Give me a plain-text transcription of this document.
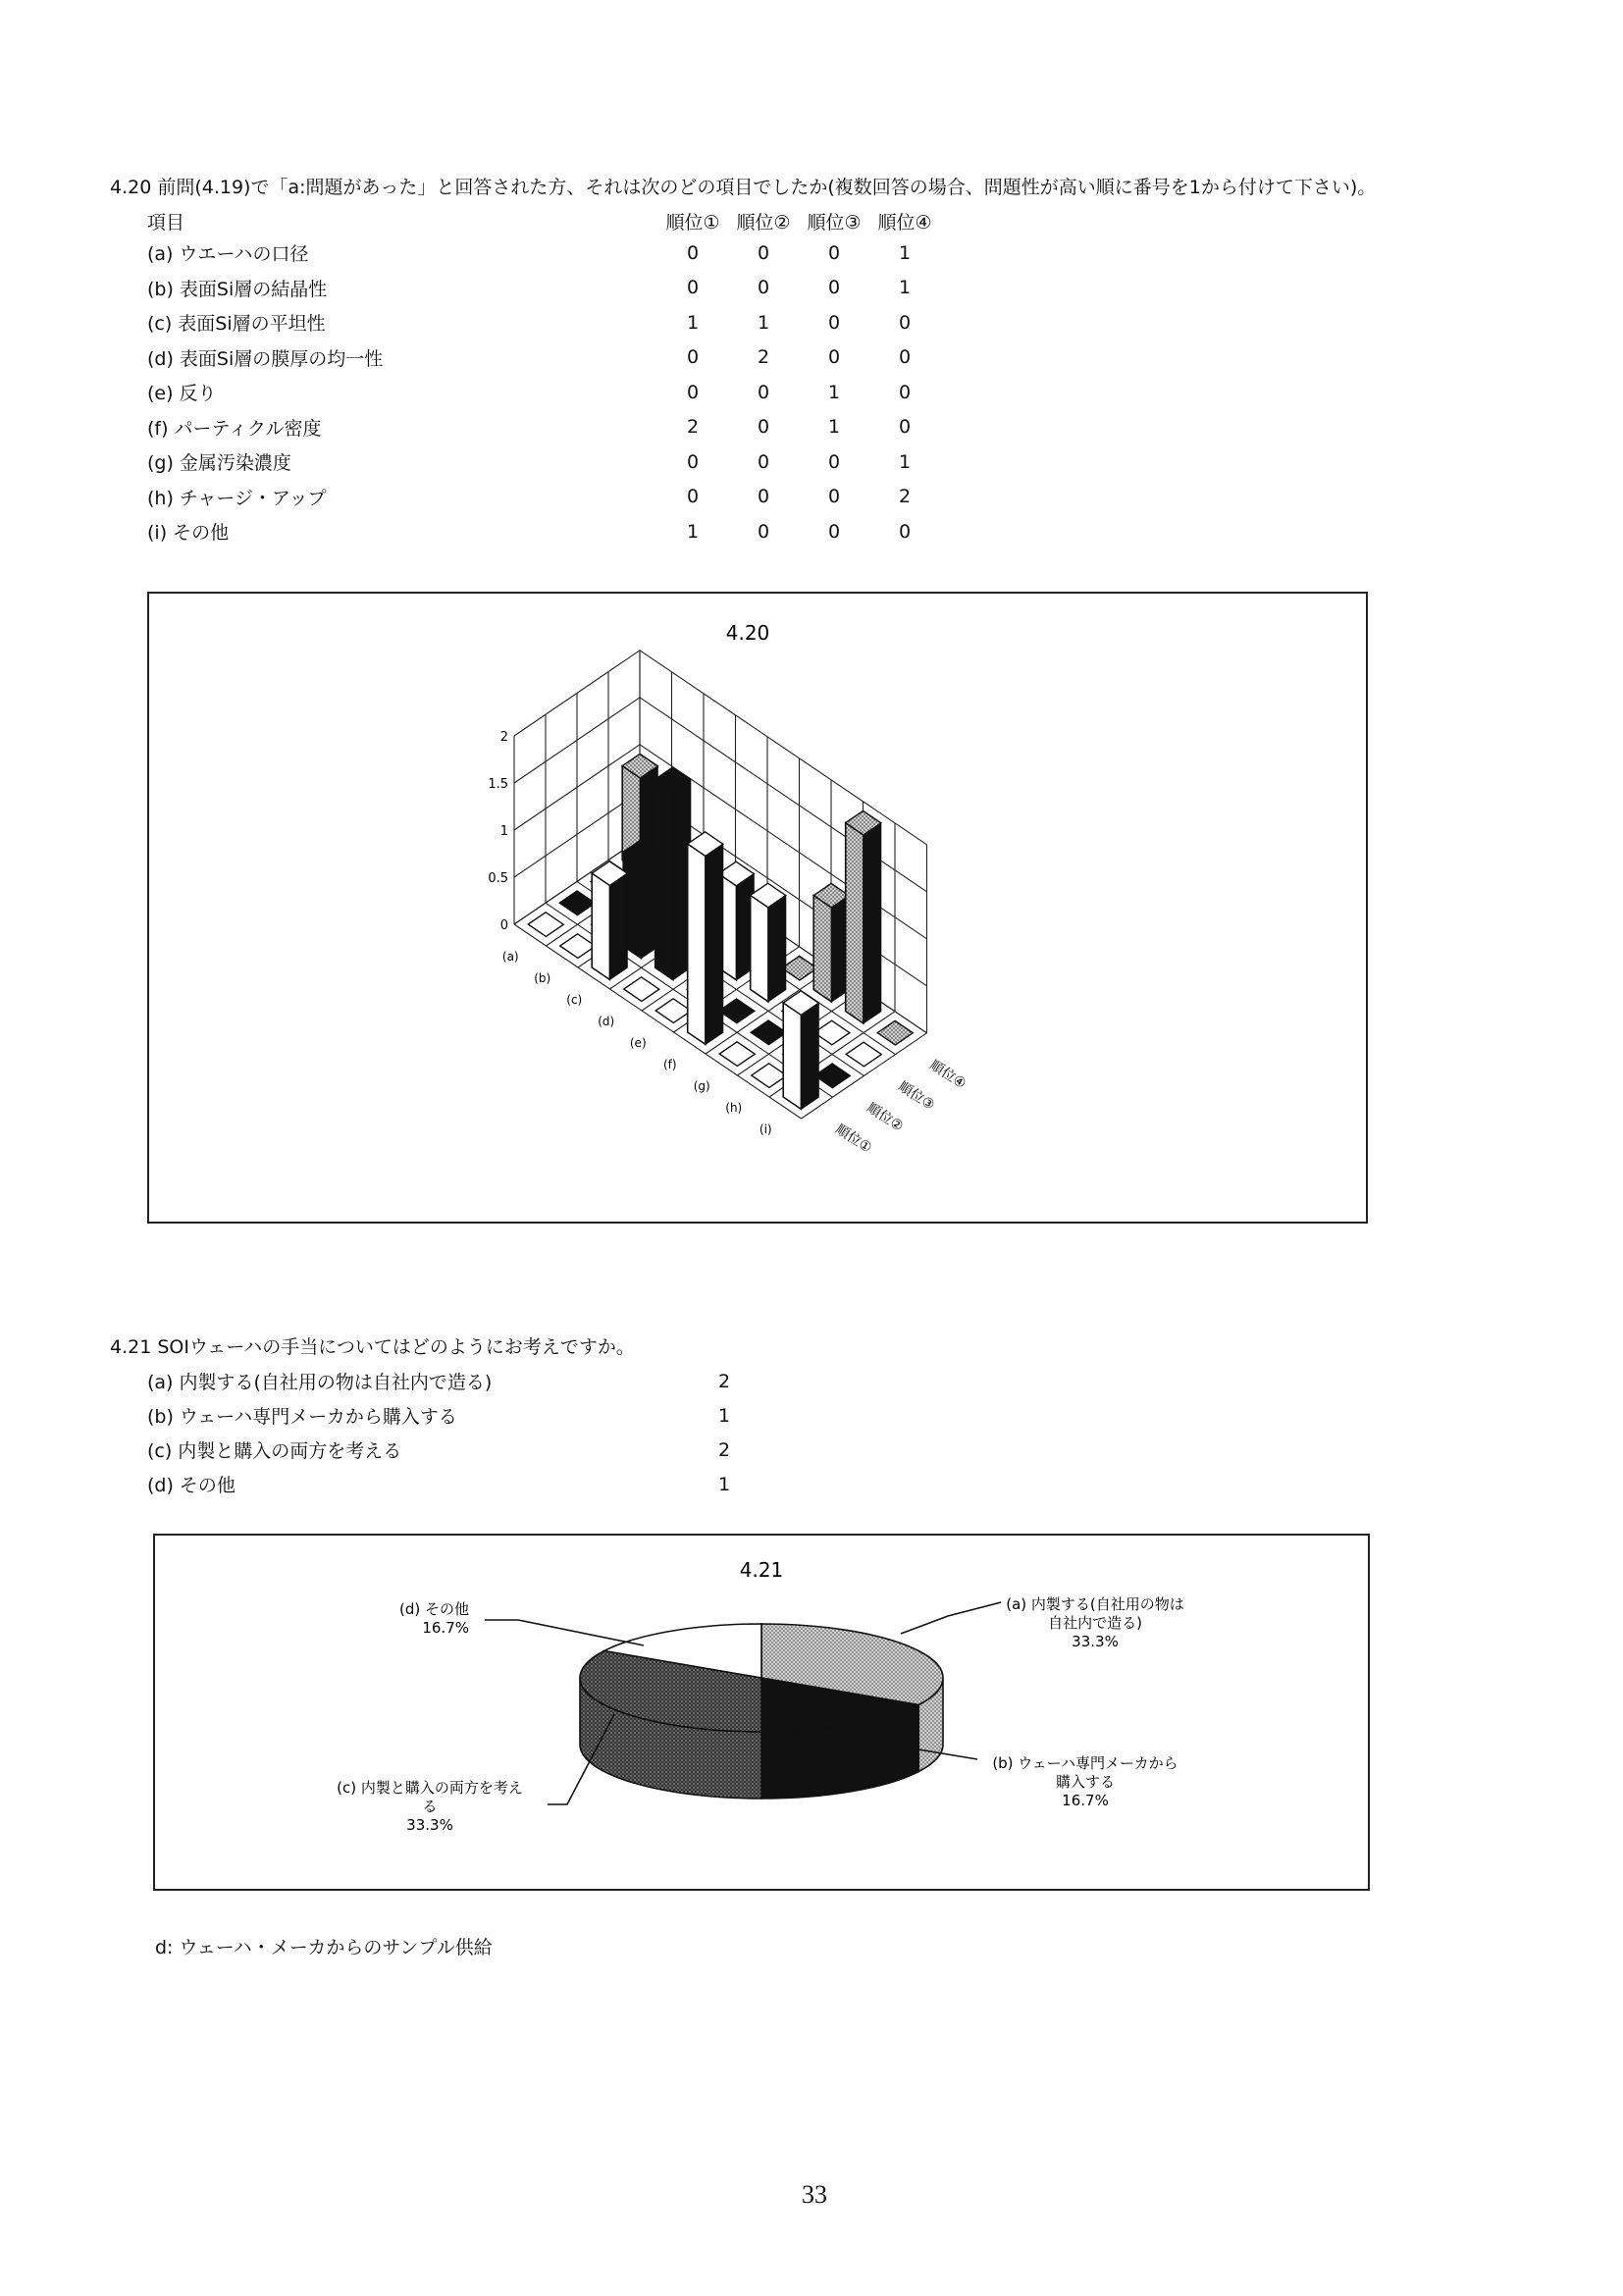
4.20 前問(4.19)で「a:問題があった」と回答された方、それは次のどの項目でしたか(複数回答の場合、問題性が高い順に番号を1から付けて下さい)。
項目	順位①	順位②	順位③	順位④
(a) ウエーハの口径	0	0	0	1
(b) 表面Si層の結晶性	0	0	0	1
(c) 表面Si層の平坦性	1	1	0	0
(d) 表面Si層の膜厚の均一性	0	2	0	0
(e) 反り	0	0	1	0
(f) パーティクル密度	2	0	1	0
(g) 金属汚染濃度	0	0	0	1
(h) チャージ・アップ	0	0	0	2
(i) その他	1	0	0	0
4.20
0
0.5
1
1.5
2
(a)
(b)
(c)
(d)
(e)
(f)
(g)
(h)
(i)	順位①
順位②
順位③
順位④
4.21 SOIウェーハの手当についてはどのようにお考えですか。
(a) 内製する(自社用の物は自社内で造る)	2
(b) ウェーハ専門メーカから購入する	1
(c) 内製と購入の両方を考える	2
(d) その他	1
4.21
(a) 内製する(自社用の物は
自社内で造る)
33.3%
(b) ウェーハ専門メーカから
購入する
16.7%
(c) 内製と購入の両方を考え
る
33.3%
(d) その他
16.7%
d: ウェーハ・メーカからのサンプル供給
33
